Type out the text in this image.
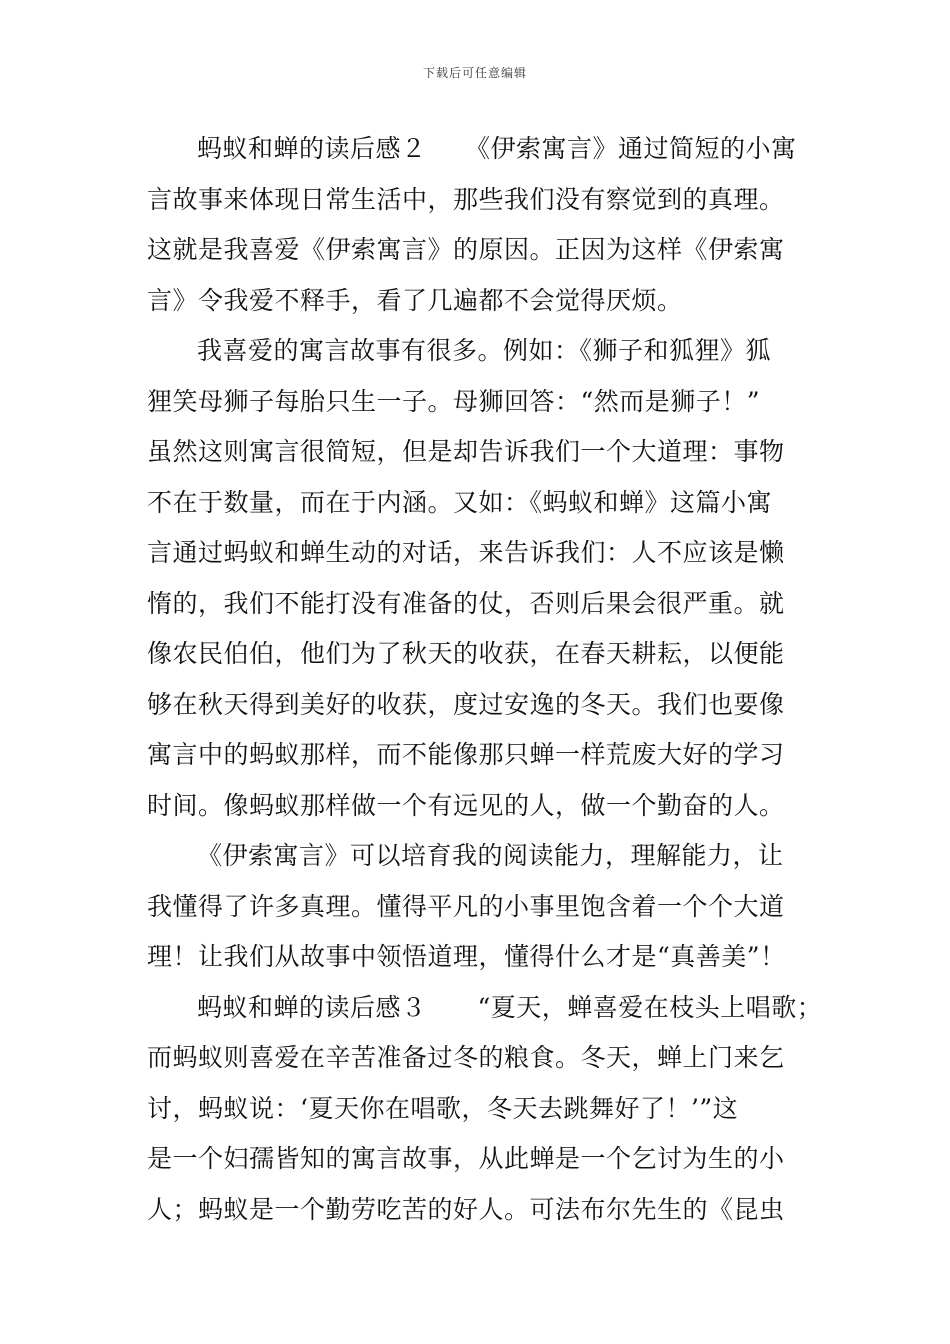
下载后可任意编辑
蚂蚁和蝉的读后感２　　《伊索寓言》通过简短的小寓
言故事来体现日常生活中，那些我们没有察觉到的真理。
这就是我喜爱《伊索寓言》的原因。正因为这样《伊索寓
言》令我爱不释手，看了几遍都不会觉得厌烦。
我喜爱的寓言故事有很多。例如：《狮子和狐狸》狐
狸笑母狮子每胎只生一子。母狮回答：“然而是狮子！”
虽然这则寓言很简短，但是却告诉我们一个大道理：事物
不在于数量，而在于内涵。又如：《蚂蚁和蝉》这篇小寓
言通过蚂蚁和蝉生动的对话，来告诉我们：人不应该是懒
惰的，我们不能打没有准备的仗，否则后果会很严重。就
像农民伯伯，他们为了秋天的收获，在春天耕耘，以便能
够在秋天得到美好的收获，度过安逸的冬天。我们也要像
寓言中的蚂蚁那样，而不能像那只蝉一样荒废大好的学习
时间。像蚂蚁那样做一个有远见的人，做一个勤奋的人。
《伊索寓言》可以培育我的阅读能力，理解能力，让
我懂得了许多真理。懂得平凡的小事里饱含着一个个大道
理！让我们从故事中领悟道理，懂得什么才是“真善美”！
蚂蚁和蝉的读后感３　　“夏天，蝉喜爱在枝头上唱歌；
而蚂蚁则喜爱在辛苦准备过冬的粮食。冬天，蝉上门来乞
讨，蚂蚁说：‘夏天你在唱歌，冬天去跳舞好了！’”这
是一个妇孺皆知的寓言故事，从此蝉是一个乞讨为生的小
人；蚂蚁是一个勤劳吃苦的好人。可法布尔先生的《昆虫
